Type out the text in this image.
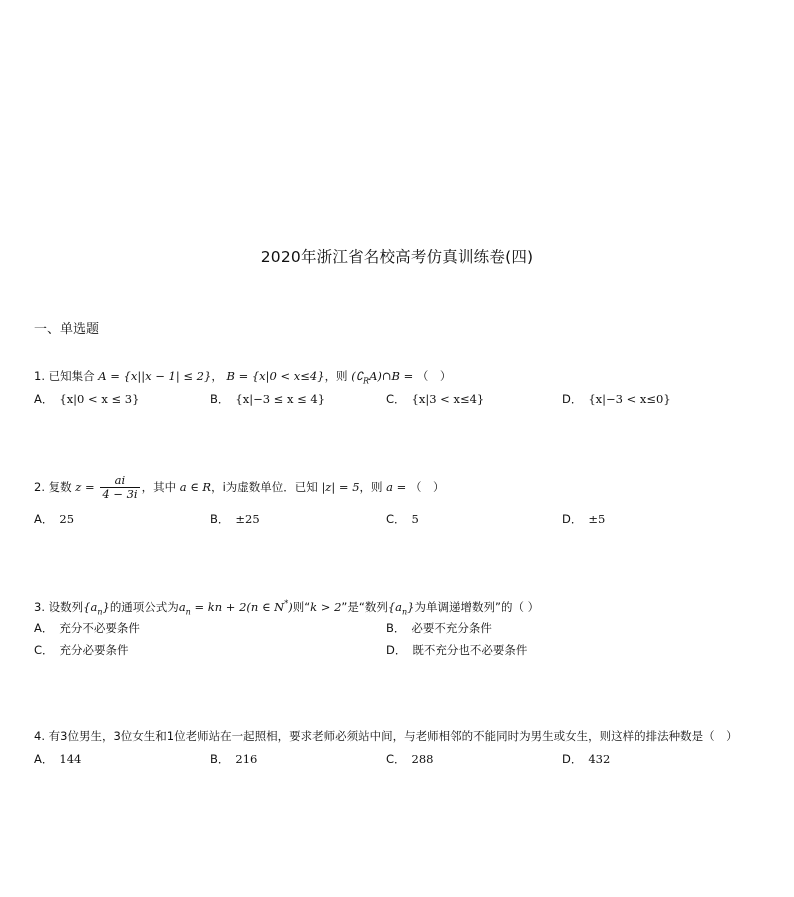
2020年浙江省名校高考仿真训练卷(四)
一、单选题
1. 已知集合 A = {x||x − 1| ≤ 2}， B = {x|0 < x≤4}，则 $(∁_RA)\cap B$ = （　）
A． {x|0 < x ≤ 3}	B． {x|−3 ≤ x ≤ 4}	C． {x|3 < x≤4}	D． {x|−3 < x≤0}
2. 复数 $z = \frac{ai}{4 - 3i}$ ，其中 a ∈ R，i为虚数单位．已知 |z| = 5，则 a = （　）
A． 25	B． ±25	C． 5	D． ±5
3. 设数列$\{a_n\}$的通项公式为$a_n$ = kn + 2(n ∈ N*)则“k > 2”是“数列$\{a_n\}$为单调递增数列”的（ ）
A． 充分不必要条件	B． 必要不充分条件
C． 充分必要条件	D． 既不充分也不必要条件
4. 有3位男生，3位女生和1位老师站在一起照相，要求老师必须站中间，与老师相邻的不能同时为男生或女生，则这样的排法种数是（　）
A． 144	B． 216	C． 288	D． 432
